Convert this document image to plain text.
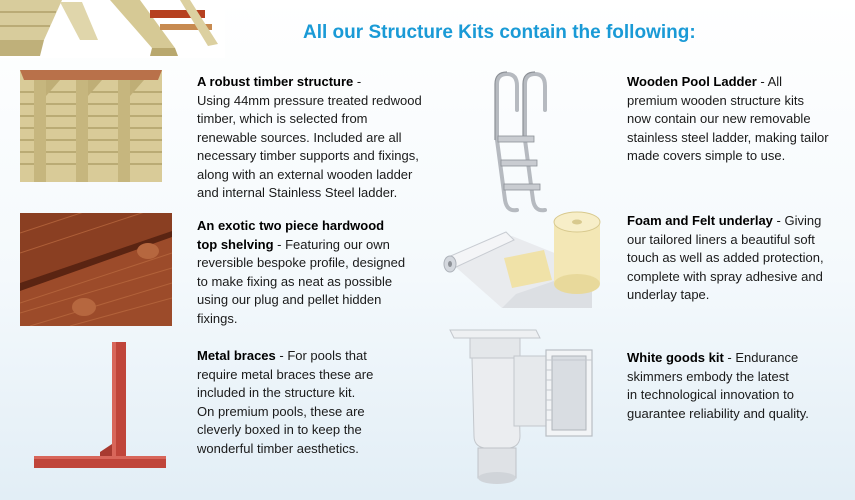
All our Structure Kits contain the following:
A robust timber structure -
Using 44mm pressure treated redwood
timber, which is selected from
renewable sources. Included are all
necessary timber supports and fixings,
along with an external wooden ladder
and internal Stainless Steel ladder.
An exotic two piece hardwood
top shelving - Featuring our own
reversible bespoke profile, designed
to make fixing as neat as possible
using our plug and pellet hidden
fixings.
Metal braces - For pools that
require metal braces these are
included in the structure kit.
On premium pools, these are
cleverly boxed in to keep the
wonderful timber aesthetics.
Wooden Pool Ladder - All
premium wooden structure kits
now contain our new removable
stainless steel ladder, making tailor
made covers simple to use.
Foam and Felt underlay - Giving
our tailored liners a beautiful soft
touch as well as added protection,
complete with spray adhesive and
underlay tape.
White goods kit - Endurance
skimmers embody the latest
in technological innovation to
guarantee reliability and quality.
